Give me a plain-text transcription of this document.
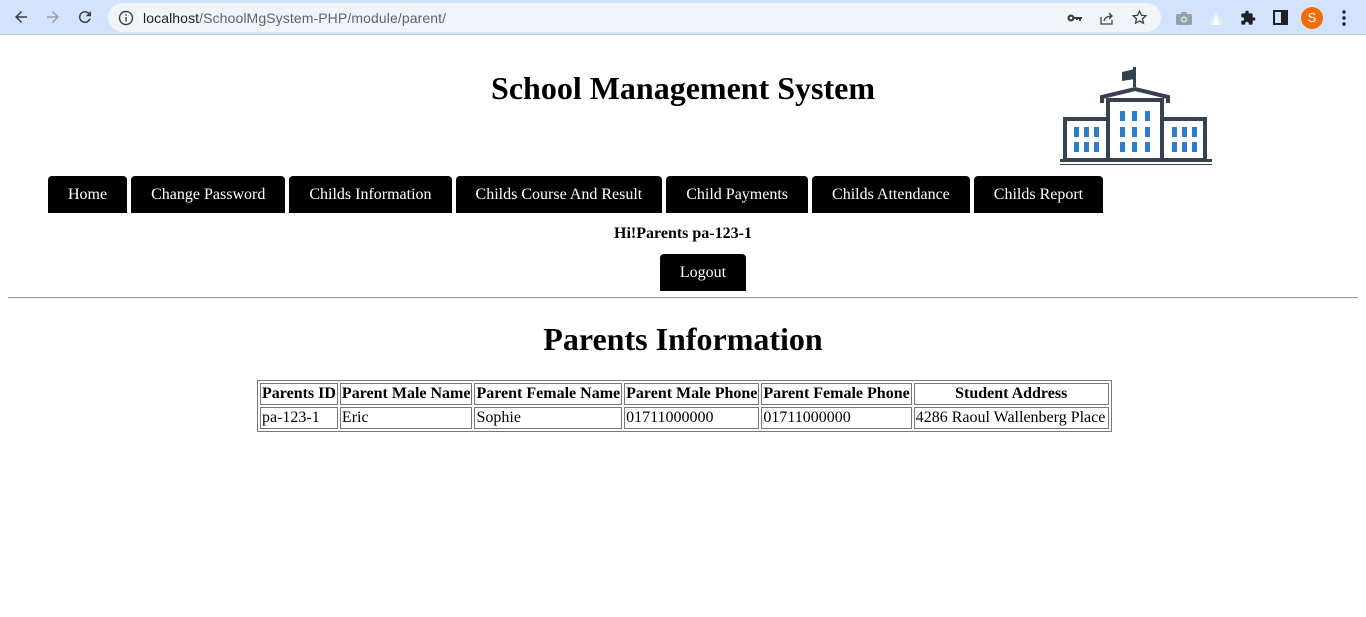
localhost/SchoolMgSystem-PHP/module/parent/	S
School Management System
Home	Change Password	Childs Information	Childs Course And Result	Child Payments	Childs Attendance	Childs Report
Hi!Parents pa-123-1
Logout
Parents Information
Parents ID	Parent Male Name	Parent Female Name	Parent Male Phone	Parent Female Phone	Student Address
pa-123-1	Eric	Sophie	01711000000	01711000000	4286 Raoul Wallenberg Place
